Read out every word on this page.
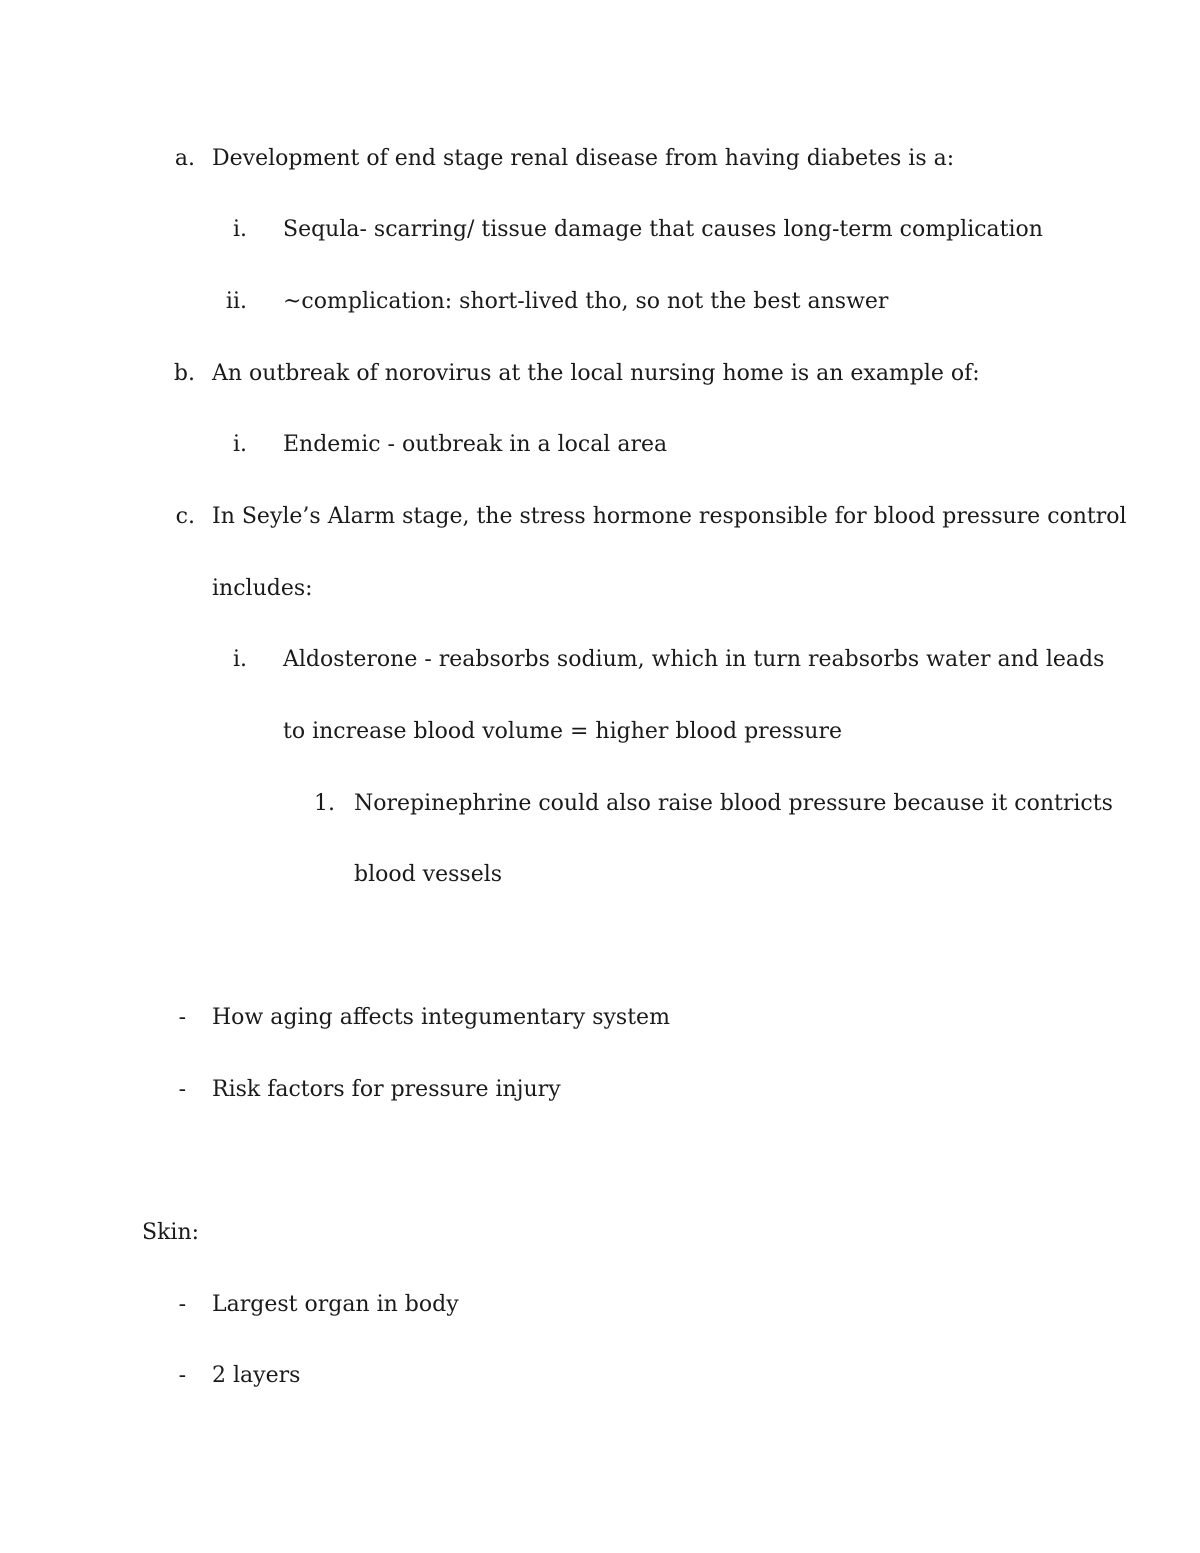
a. Development of end stage renal disease from having diabetes is a:
i. Sequla- scarring/ tissue damage that causes long-term complication
ii. ~complication: short-lived tho, so not the best answer
b. An outbreak of norovirus at the local nursing home is an example of:
i. Endemic - outbreak in a local area
c. In Seyle’s Alarm stage, the stress hormone responsible for blood pressure control
includes:
i. Aldosterone - reabsorbs sodium, which in turn reabsorbs water and leads
to increase blood volume = higher blood pressure
1. Norepinephrine could also raise blood pressure because it contricts
blood vessels
- How aging affects integumentary system
- Risk factors for pressure injury
Skin:
- Largest organ in body
- 2 layers
